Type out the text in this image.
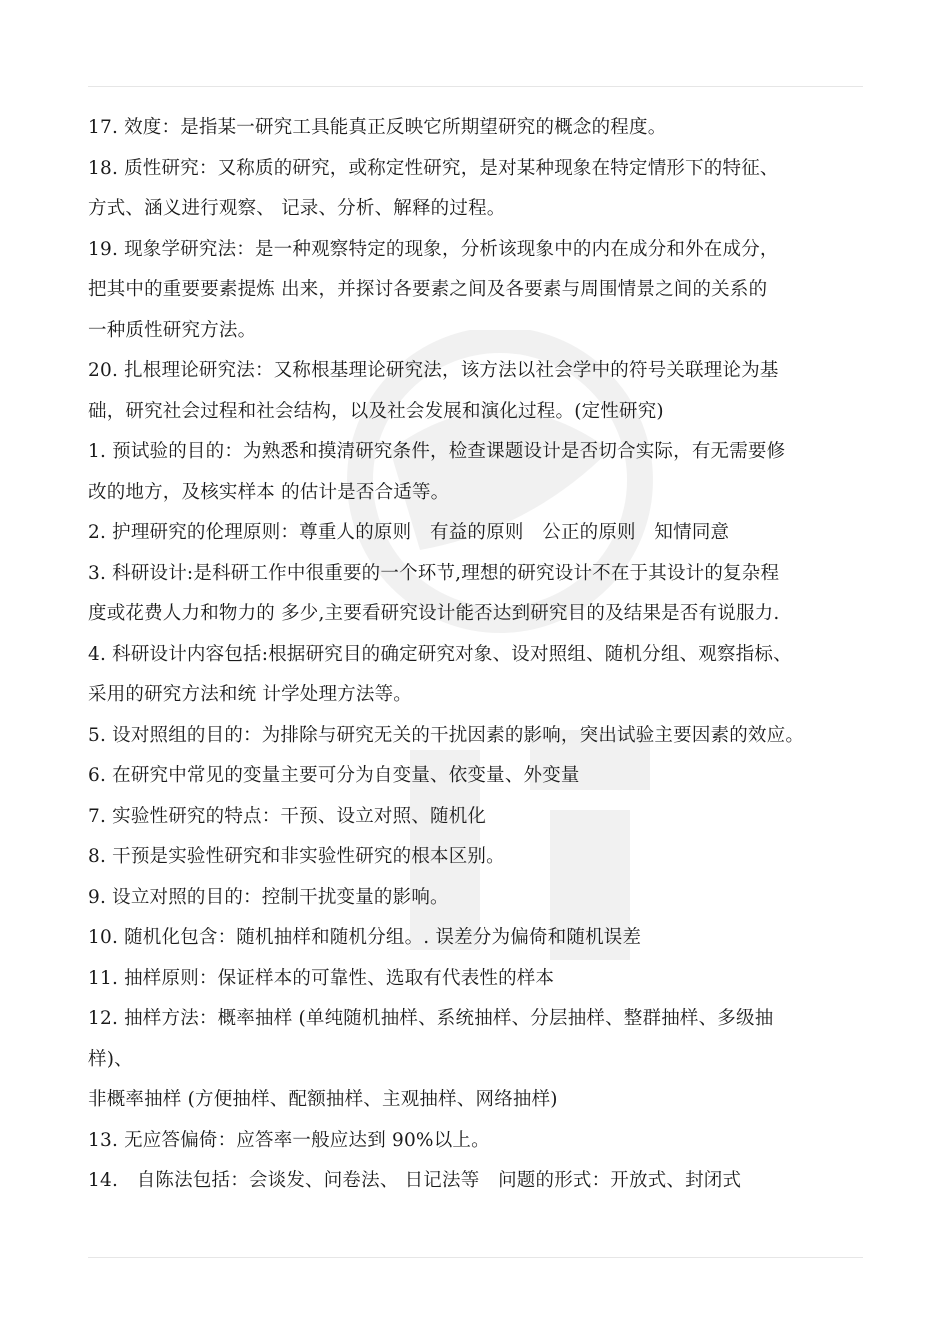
17. 效度：是指某一研究工具能真正反映它所期望研究的概念的程度。
18. 质性研究：又称质的研究，或称定性研究，是对某种现象在特定情形下的特征、
方式、涵义进行观察、 记录、分析、解释的过程。
19. 现象学研究法：是一种观察特定的现象，分析该现象中的内在成分和外在成分，
把其中的重要要素提炼 出来，并探讨各要素之间及各要素与周围情景之间的关系的
一种质性研究方法。
20. 扎根理论研究法：又称根基理论研究法，该方法以社会学中的符号关联理论为基
础，研究社会过程和社会结构，以及社会发展和演化过程。(定性研究)
1. 预试验的目的：为熟悉和摸清研究条件，检查课题设计是否切合实际，有无需要修
改的地方，及核实样本 的估计是否合适等。
2. 护理研究的伦理原则：尊重人的原则　有益的原则　公正的原则　知情同意
3. 科研设计:是科研工作中很重要的一个环节,理想的研究设计不在于其设计的复杂程
度或花费人力和物力的 多少,主要看研究设计能否达到研究目的及结果是否有说服力.
4. 科研设计内容包括:根据研究目的确定研究对象、设对照组、随机分组、观察指标、
采用的研究方法和统 计学处理方法等。
5. 设对照组的目的：为排除与研究无关的干扰因素的影响，突出试验主要因素的效应。
6. 在研究中常见的变量主要可分为自变量、依变量、外变量
7. 实验性研究的特点：干预、设立对照、随机化
8. 干预是实验性研究和非实验性研究的根本区别。
9. 设立对照的目的：控制干扰变量的影响。
10. 随机化包含：随机抽样和随机分组。. 误差分为偏倚和随机误差
11. 抽样原则：保证样本的可靠性、选取有代表性的样本
12. 抽样方法：概率抽样 (单纯随机抽样、系统抽样、分层抽样、整群抽样、多级抽
样)、
非概率抽样 (方便抽样、配额抽样、主观抽样、网络抽样)
13. 无应答偏倚：应答率一般应达到 90%以上。
14.　自陈法包括：会谈发、问卷法、 日记法等　问题的形式：开放式、封闭式
